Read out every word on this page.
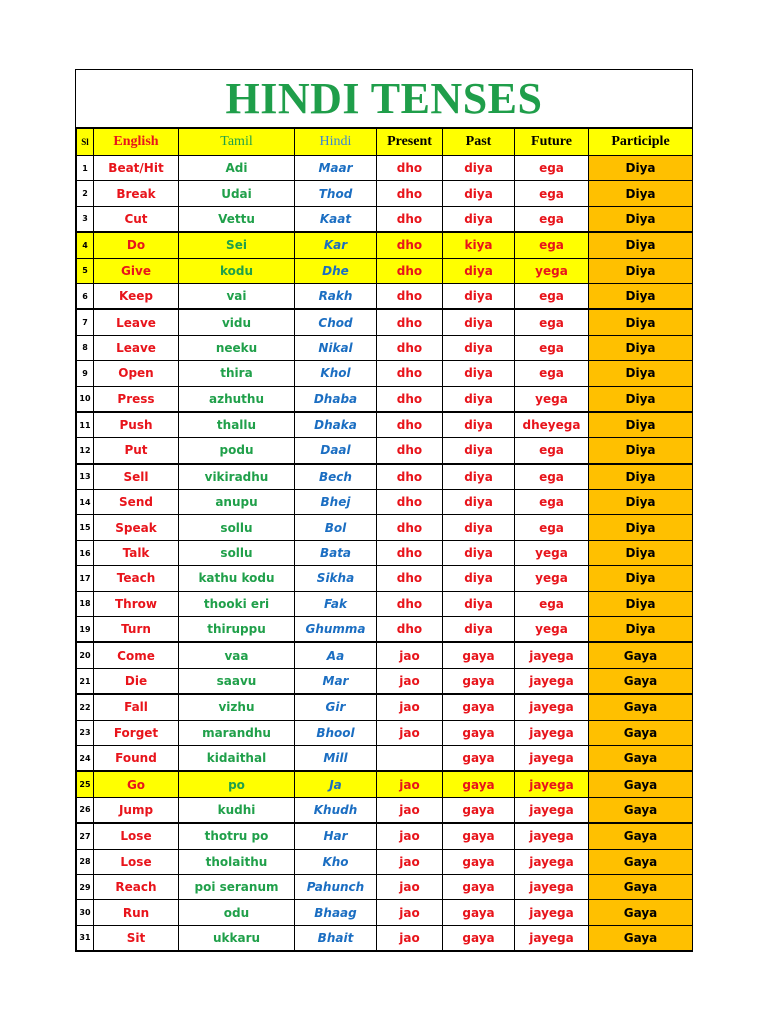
HINDI TENSES
Sl	English	Tamil	Hindi	Present	Past	Future	Participle
1	Beat/Hit	Adi	Maar	dho	diya	ega	Diya
2	Break	Udai	Thod	dho	diya	ega	Diya
3	Cut	Vettu	Kaat	dho	diya	ega	Diya
4	Do	Sei	Kar	dho	kiya	ega	Diya
5	Give	kodu	Dhe	dho	diya	yega	Diya
6	Keep	vai	Rakh	dho	diya	ega	Diya
7	Leave	vidu	Chod	dho	diya	ega	Diya
8	Leave	neeku	Nikal	dho	diya	ega	Diya
9	Open	thira	Khol	dho	diya	ega	Diya
10	Press	azhuthu	Dhaba	dho	diya	yega	Diya
11	Push	thallu	Dhaka	dho	diya	dheyega	Diya
12	Put	podu	Daal	dho	diya	ega	Diya
13	Sell	vikiradhu	Bech	dho	diya	ega	Diya
14	Send	anupu	Bhej	dho	diya	ega	Diya
15	Speak	sollu	Bol	dho	diya	ega	Diya
16	Talk	sollu	Bata	dho	diya	yega	Diya
17	Teach	kathu kodu	Sikha	dho	diya	yega	Diya
18	Throw	thooki eri	Fak	dho	diya	ega	Diya
19	Turn	thiruppu	Ghumma	dho	diya	yega	Diya
20	Come	vaa	Aa	jao	gaya	jayega	Gaya
21	Die	saavu	Mar	jao	gaya	jayega	Gaya
22	Fall	vizhu	Gir	jao	gaya	jayega	Gaya
23	Forget	marandhu	Bhool	jao	gaya	jayega	Gaya
24	Found	kidaithal	Mill		gaya	jayega	Gaya
25	Go	po	Ja	jao	gaya	jayega	Gaya
26	Jump	kudhi	Khudh	jao	gaya	jayega	Gaya
27	Lose	thotru po	Har	jao	gaya	jayega	Gaya
28	Lose	tholaithu	Kho	jao	gaya	jayega	Gaya
29	Reach	poi seranum	Pahunch	jao	gaya	jayega	Gaya
30	Run	odu	Bhaag	jao	gaya	jayega	Gaya
31	Sit	ukkaru	Bhait	jao	gaya	jayega	Gaya
